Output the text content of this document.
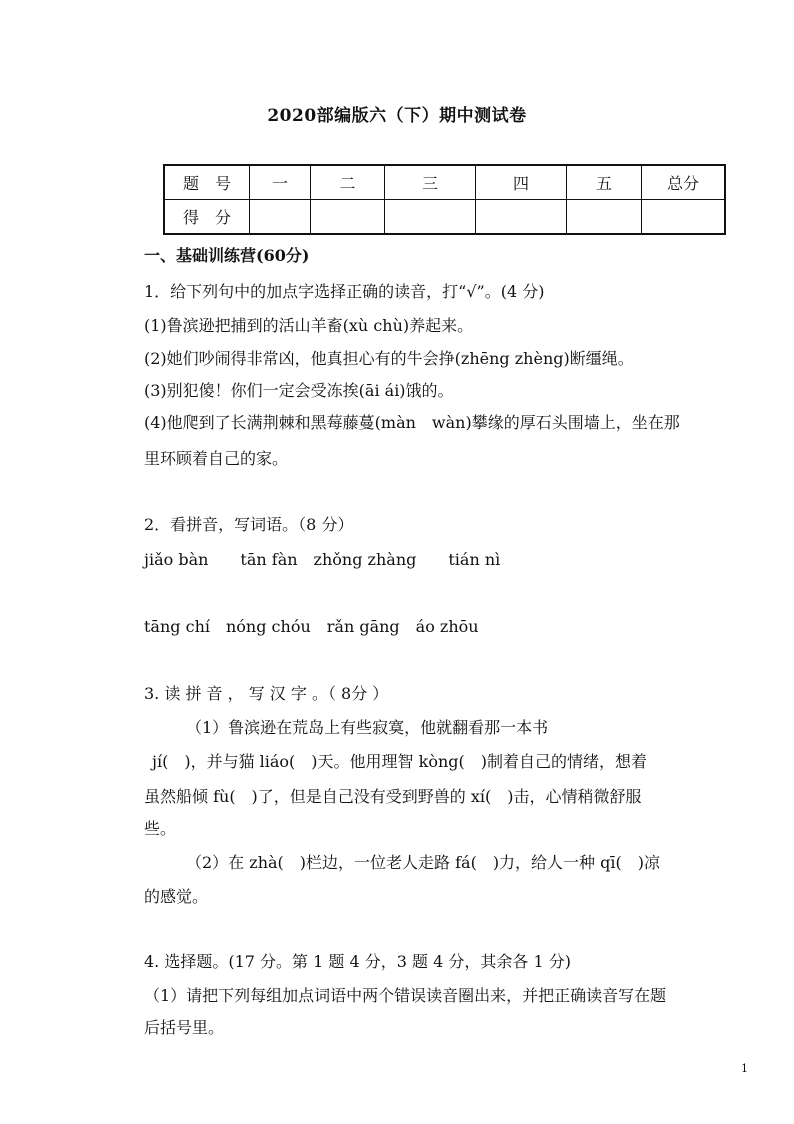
2020部编版六（下）期中测试卷
题　号	一	二	三	四	五	总分
得　分						
一、基础训练营(60分)
1．给下列句中的加点字选择正确的读音，打“√”。(4 分)
(1)鲁滨逊把捕到的活山羊畜(xù chù)养起来。
(2)她们吵闹得非常凶，他真担心有的牛会挣(zhēng zhèng)断缰绳。
(3)别犯傻！你们一定会受冻挨(āi ái)饿的。
(4)他爬到了长满荆棘和黑莓藤蔓(màn　wàn)攀缘的厚石头围墙上，坐在那
里环顾着自己的家。
2．看拼音，写词语。（8 分）
jiǎo bàn　　tān fàn　zhǒng zhàng　　tián nì
tāng chí　nóng chóu　rǎn gāng　áo zhōu
3. 读 拼 音 ， 写 汉 字 。（ 8分 ）
（1）鲁滨逊在荒岛上有些寂寞，他就翻看那一本书
jí(　)，并与猫 liáo(　)天。他用理智 kòng(　)制着自己的情绪，想着
虽然船倾 fù(　)了，但是自己没有受到野兽的 xí(　)击，心情稍微舒服
些。
（2）在 zhà(　)栏边，一位老人走路 fá(　)力，给人一种 qī(　)凉
的感觉。
4. 选择题。(17 分。第 1 题 4 分，3 题 4 分，其余各 1 分)
（1）请把下列每组加点词语中两个错误读音圈出来，并把正确读音写在题
后括号里。
1
